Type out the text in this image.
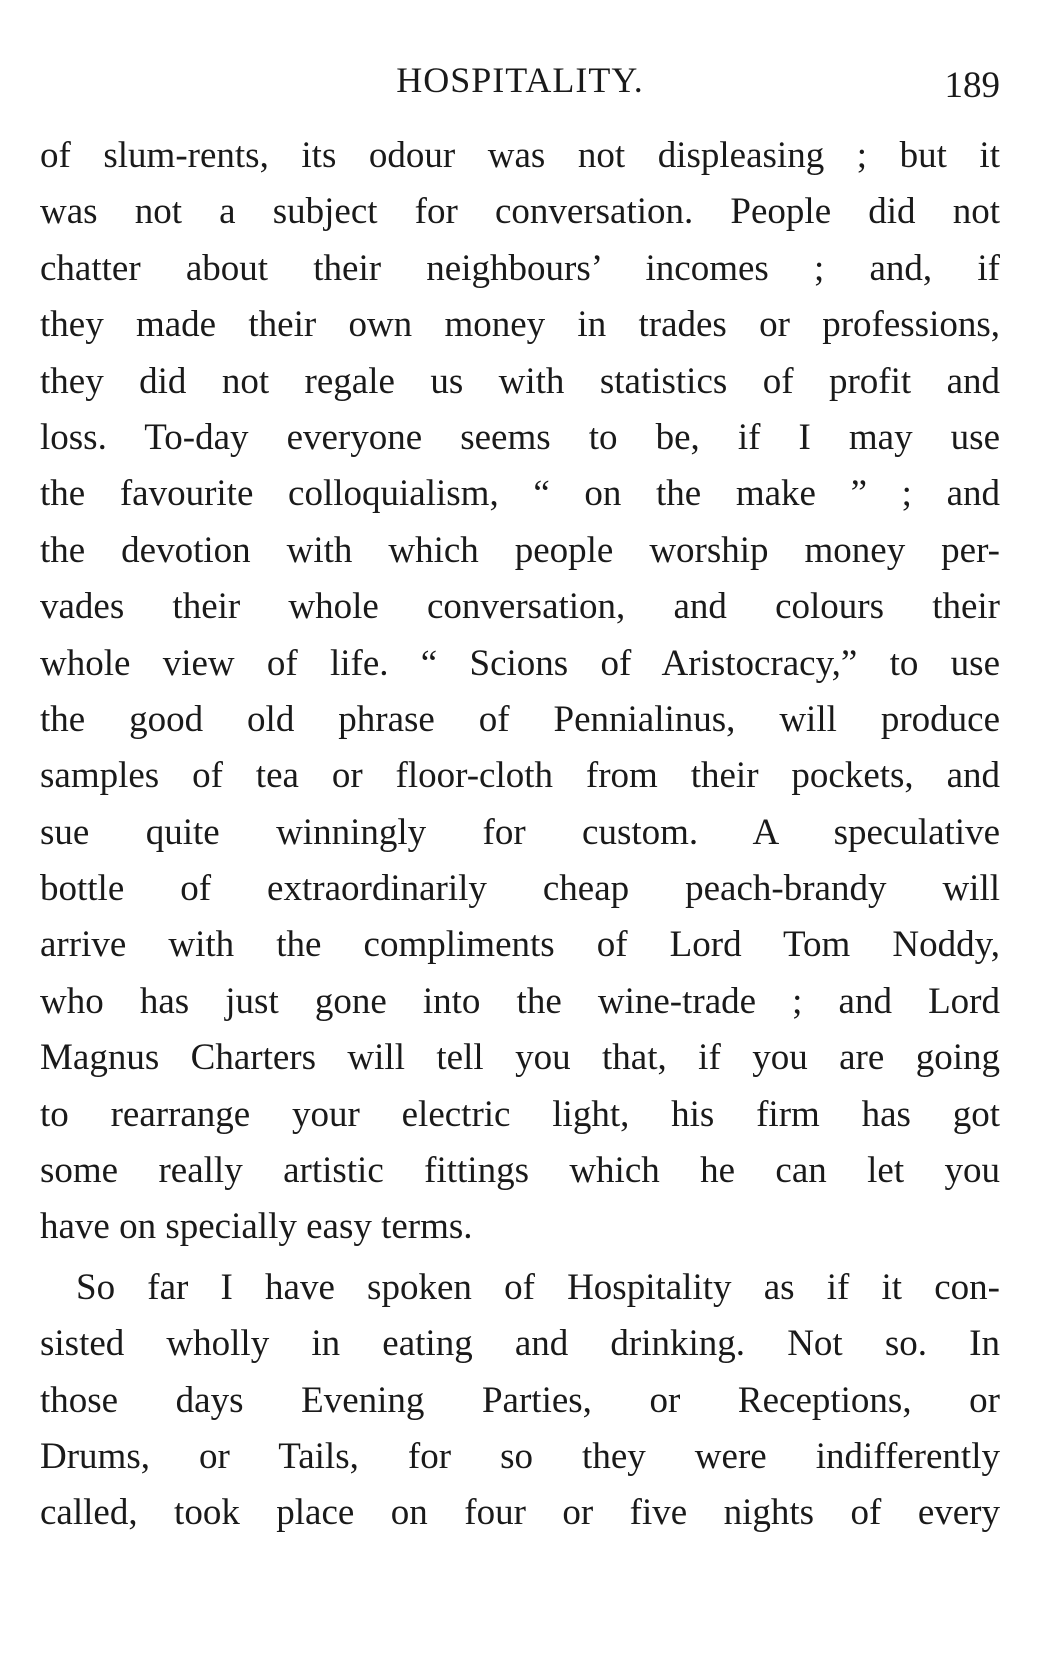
HOSPITALITY.	189
of slum-rents, its odour was not displeasing ; but it
was not a subject for conversation. People did not
chatter about their neighbours’ incomes ; and, if
they made their own money in trades or professions,
they did not regale us with statistics of profit and
loss. To-day everyone seems to be, if I may use
the favourite colloquialism, “ on the make ” ; and
the devotion with which people worship money per-
vades their whole conversation, and colours their
whole view of life. “ Scions of Aristocracy,” to use
the good old phrase of Pennialinus, will produce
samples of tea or floor-cloth from their pockets, and
sue quite winningly for custom. A speculative
bottle of extraordinarily cheap peach-brandy will
arrive with the compliments of Lord Tom Noddy,
who has just gone into the wine-trade ; and Lord
Magnus Charters will tell you that, if you are going
to rearrange your electric light, his firm has got
some really artistic fittings which he can let you
have on specially easy terms.
So far I have spoken of Hospitality as if it con-
sisted wholly in eating and drinking. Not so. In
those days Evening Parties, or Receptions, or
Drums, or Tails, for so they were indifferently
called, took place on four or five nights of every
